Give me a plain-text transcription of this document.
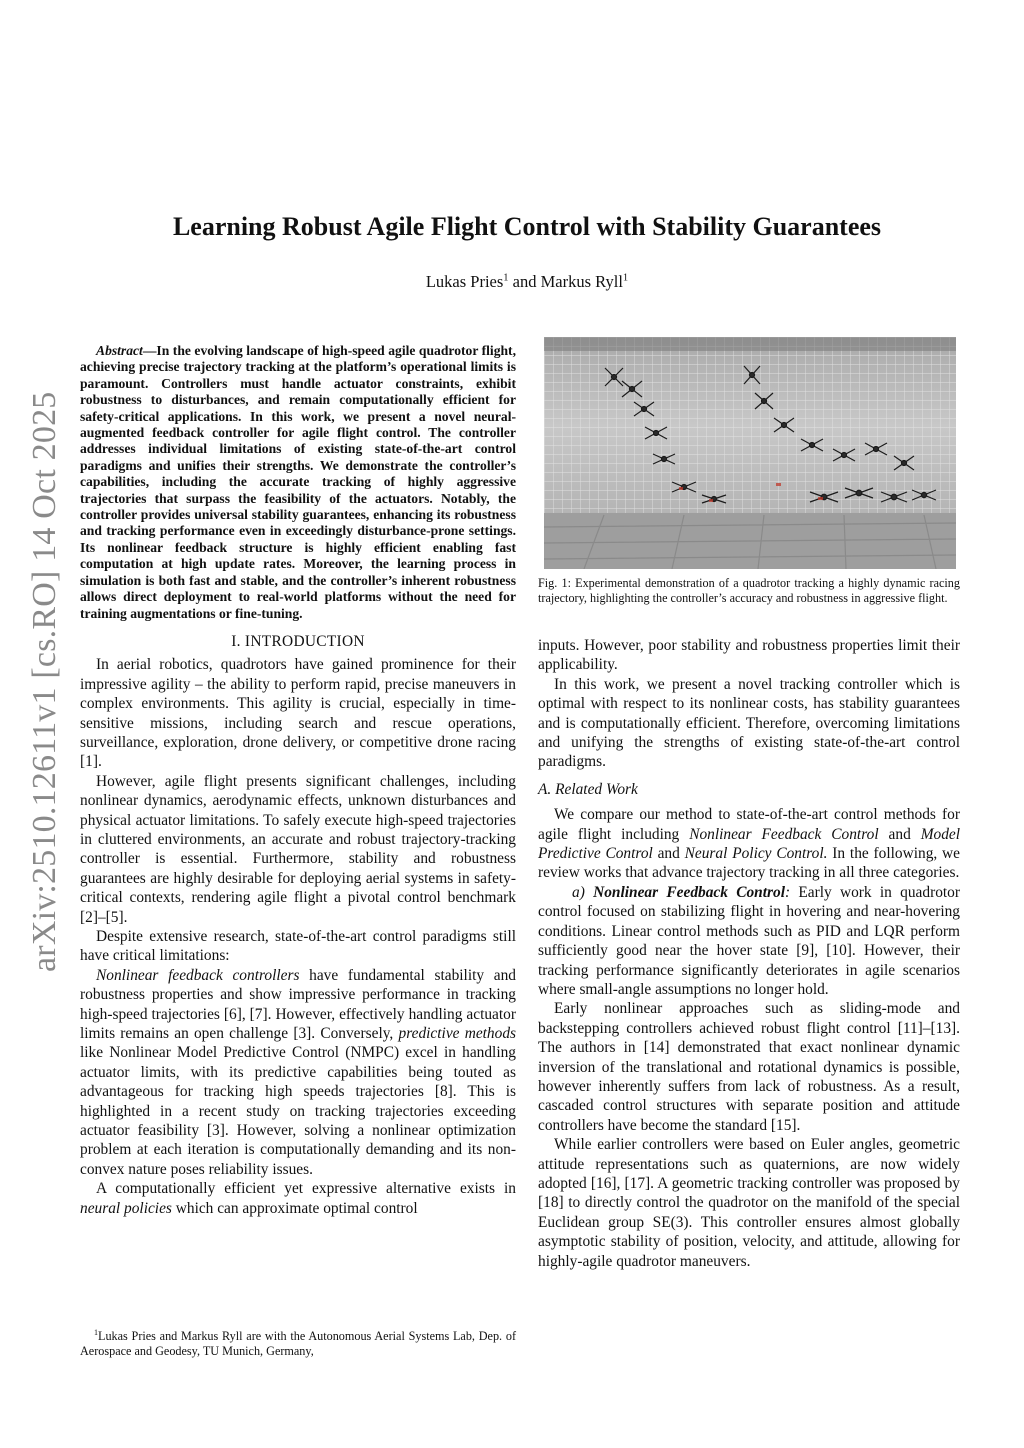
arXiv:2510.12611v1 [cs.RO] 14 Oct 2025
Learning Robust Agile Flight Control with Stability Guarantees
Lukas Pries$^1$ and Markus Ryll$^1$

Abstract—In the evolving landscape of high-speed agile quadrotor flight, achieving precise trajectory tracking at the platform’s operational limits is paramount. Controllers must handle actuator constraints, exhibit robustness to disturbances, and remain computationally efficient for safety-critical applications. In this work, we present a novel neural-augmented feedback controller for agile flight control. The controller addresses individual limitations of existing state-of-the-art control paradigms and unifies their strengths. We demonstrate the controller’s capabilities, including the accurate tracking of highly aggressive trajectories that surpass the feasibility of the actuators. Notably, the controller provides universal stability guarantees, enhancing its robustness and tracking performance even in exceedingly disturbance-prone settings. Its nonlinear feedback structure is highly efficient enabling fast computation at high update rates. Moreover, the learning process in simulation is both fast and stable, and the controller’s inherent robustness allows direct deployment to real-world platforms without the need for training augmentations or fine-tuning.

I. INTRODUCTION

In aerial robotics, quadrotors have gained prominence for their impressive agility – the ability to perform rapid, precise maneuvers in complex environments. This agility is crucial, especially in time-sensitive missions, including search and rescue operations, surveillance, exploration, drone delivery, or competitive drone racing [1].

However, agile flight presents significant challenges, including nonlinear dynamics, aerodynamic effects, unknown disturbances and physical actuator limitations. To safely execute high-speed trajectories in cluttered environments, an accurate and robust trajectory-tracking controller is essential. Furthermore, stability and robustness guarantees are highly desirable for deploying aerial systems in safety-critical contexts, rendering agile flight a pivotal control benchmark [2]–[5].

Despite extensive research, state-of-the-art control paradigms still have critical limitations:

Nonlinear feedback controllers have fundamental stability and robustness properties and show impressive performance in tracking high-speed trajectories [6], [7]. However, effectively handling actuator limits remains an open challenge [3]. Conversely, predictive methods like Nonlinear Model Predictive Control (NMPC) excel in handling actuator limits, with its predictive capabilities being touted as advantageous for tracking high speeds trajectories [8]. This is highlighted in a recent study on tracking trajectories exceeding actuator feasibility [3]. However, solving a nonlinear optimization problem at each iteration is computationally demanding and its non-convex nature poses reliability issues.

A computationally efficient yet expressive alternative exists in neural policies which can approximate optimal control

$^1$Lukas Pries and Markus Ryll are with the Autonomous Aerial Systems Lab, Dep. of Aerospace and Geodesy, TU Munich, Germany,
Fig. 1: Experimental demonstration of a quadrotor tracking a highly dynamic racing trajectory, highlighting the controller’s accuracy and robustness in aggressive flight.

inputs. However, poor stability and robustness properties limit their applicability.

In this work, we present a novel tracking controller which is optimal with respect to its nonlinear costs, has stability guarantees and is computationally efficient. Therefore, overcoming limitations and unifying the strengths of existing state-of-the-art control paradigms.

A. Related Work

We compare our method to state-of-the-art control methods for agile flight including Nonlinear Feedback Control and Model Predictive Control and Neural Policy Control. In the following, we review works that advance trajectory tracking in all three categories.

a) Nonlinear Feedback Control: Early work in quadrotor control focused on stabilizing flight in hovering and near-hovering conditions. Linear control methods such as PID and LQR perform sufficiently good near the hover state [9], [10]. However, their tracking performance significantly deteriorates in agile scenarios where small-angle assumptions no longer hold.

Early nonlinear approaches such as sliding-mode and backstepping controllers achieved robust flight control [11]–[13]. The authors in [14] demonstrated that exact nonlinear dynamic inversion of the translational and rotational dynamics is possible, however inherently suffers from lack of robustness. As a result, cascaded control structures with separate position and attitude controllers have become the standard [15].

While earlier controllers were based on Euler angles, geometric attitude representations such as quaternions, are now widely adopted [16], [17]. A geometric tracking controller was proposed by [18] to directly control the quadrotor on the manifold of the special Euclidean group SE(3). This controller ensures almost globally asymptotic stability of position, velocity, and attitude, allowing for highly-agile quadrotor maneuvers.
